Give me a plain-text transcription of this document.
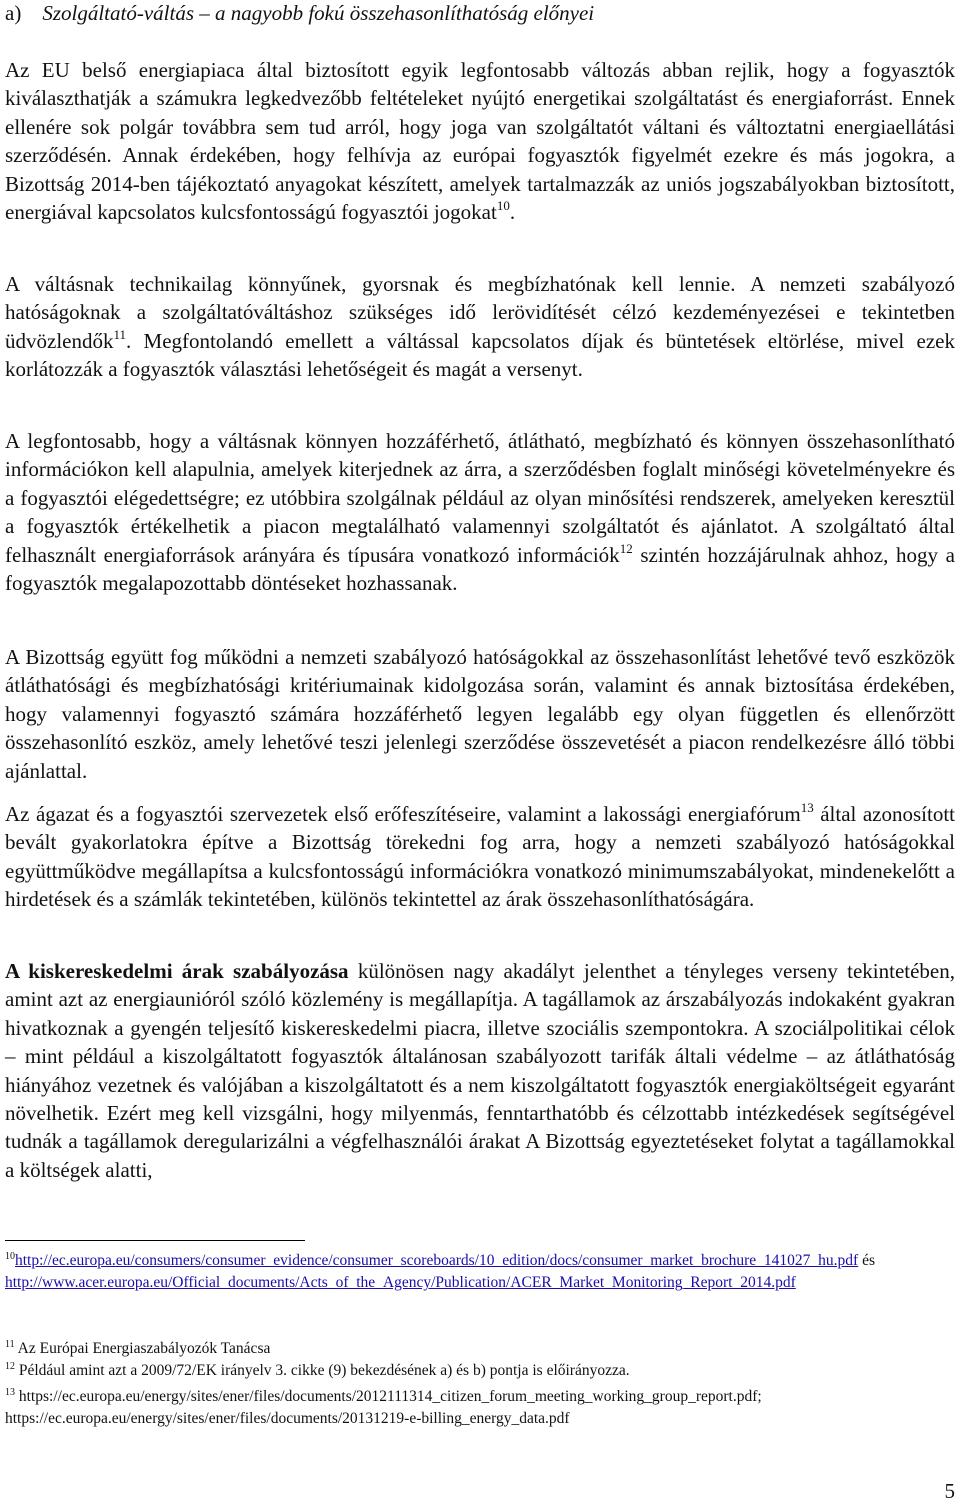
a) Szolgáltató-váltás – a nagyobb fokú összehasonlíthatóság előnyei

Az EU belső energiapiaca által biztosított egyik legfontosabb változás abban rejlik, hogy a fogyasztók kiválaszthatják a számukra legkedvezőbb feltételeket nyújtó energetikai szolgáltatást és energiaforrást. Ennek ellenére sok polgár továbbra sem tud arról, hogy joga van szolgáltatót váltani és változtatni energiaellátási szerződésén. Annak érdekében, hogy felhívja az európai fogyasztók figyelmét ezekre és más jogokra, a Bizottság 2014-ben tájékoztató anyagokat készített, amelyek tartalmazzák az uniós jogszabályokban biztosított, energiával kapcsolatos kulcsfontosságú fogyasztói jogokat$^{10}$.

A váltásnak technikailag könnyűnek, gyorsnak és megbízhatónak kell lennie. A nemzeti szabályozó hatóságoknak a szolgáltatóváltáshoz szükséges idő lerövidítését célzó kezdeményezései e tekintetben üdvözlendők$^{11}$. Megfontolandó emellett a váltással kapcsolatos díjak és büntetések eltörlése, mivel ezek korlátozzák a fogyasztók választási lehetőségeit és magát a versenyt.

A legfontosabb, hogy a váltásnak könnyen hozzáférhető, átlátható, megbízható és könnyen összehasonlítható információkon kell alapulnia, amelyek kiterjednek az árra, a szerződésben foglalt minőségi követelményekre és a fogyasztói elégedettségre; ez utóbbira szolgálnak például az olyan minősítési rendszerek, amelyeken keresztül a fogyasztók értékelhetik a piacon megtalálható valamennyi szolgáltatót és ajánlatot. A szolgáltató által felhasznált energiaforrások arányára és típusára vonatkozó információk$^{12}$ szintén hozzájárulnak ahhoz, hogy a fogyasztók megalapozottabb döntéseket hozhassanak.

A Bizottság együtt fog működni a nemzeti szabályozó hatóságokkal az összehasonlítást lehetővé tevő eszközök átláthatósági és megbízhatósági kritériumainak kidolgozása során, valamint és annak biztosítása érdekében, hogy valamennyi fogyasztó számára hozzáférhető legyen legalább egy olyan független és ellenőrzött összehasonlító eszköz, amely lehetővé teszi jelenlegi szerződése összevetését a piacon rendelkezésre álló többi ajánlattal.

Az ágazat és a fogyasztói szervezetek első erőfeszítéseire, valamint a lakossági energiafórum$^{13}$ által azonosított bevált gyakorlatokra építve a Bizottság törekedni fog arra, hogy a nemzeti szabályozó hatóságokkal együttműködve megállapítsa a kulcsfontosságú információkra vonatkozó minimumszabályokat, mindenekelőtt a hirdetések és a számlák tekintetében, különös tekintettel az árak összehasonlíthatóságára.

A kiskereskedelmi árak szabályozása különösen nagy akadályt jelenthet a tényleges verseny tekintetében, amint azt az energiaunióról szóló közlemény is megállapítja. A tagállamok az árszabályozás indokaként gyakran hivatkoznak a gyengén teljesítő kiskereskedelmi piacra, illetve szociális szempontokra. A szociálpolitikai célok – mint például a kiszolgáltatott fogyasztók általánosan szabályozott tarifák általi védelme – az átláthatóság hiányához vezetnek és valójában a kiszolgáltatott és a nem kiszolgáltatott fogyasztók energiaköltségeit egyaránt növelhetik. Ezért meg kell vizsgálni, hogy milyenmás, fenntarthatóbb és célzottabb intézkedések segítségével tudnák a tagállamok deregularizálni a végfelhasználói árakat A Bizottság egyeztetéseket folytat a tagállamokkal a költségek alatti,

$^{10}$http://ec.europa.eu/consumers/consumer_evidence/consumer_scoreboards/10_edition/docs/consumer_market_brochure_141027_hu.pdf és
http://www.acer.europa.eu/Official_documents/Acts_of_the_Agency/Publication/ACER_Market_Monitoring_Report_2014.pdf
$^{11}$ Az Európai Energiaszabályozók Tanácsa
$^{12}$ Például amint azt a 2009/72/EK irányelv 3. cikke (9) bekezdésének a) és b) pontja is előirányozza.
$^{13}$ https://ec.europa.eu/energy/sites/ener/files/documents/2012111314_citizen_forum_meeting_working_group_report.pdf;
https://ec.europa.eu/energy/sites/ener/files/documents/20131219-e-billing_energy_data.pdf
5
